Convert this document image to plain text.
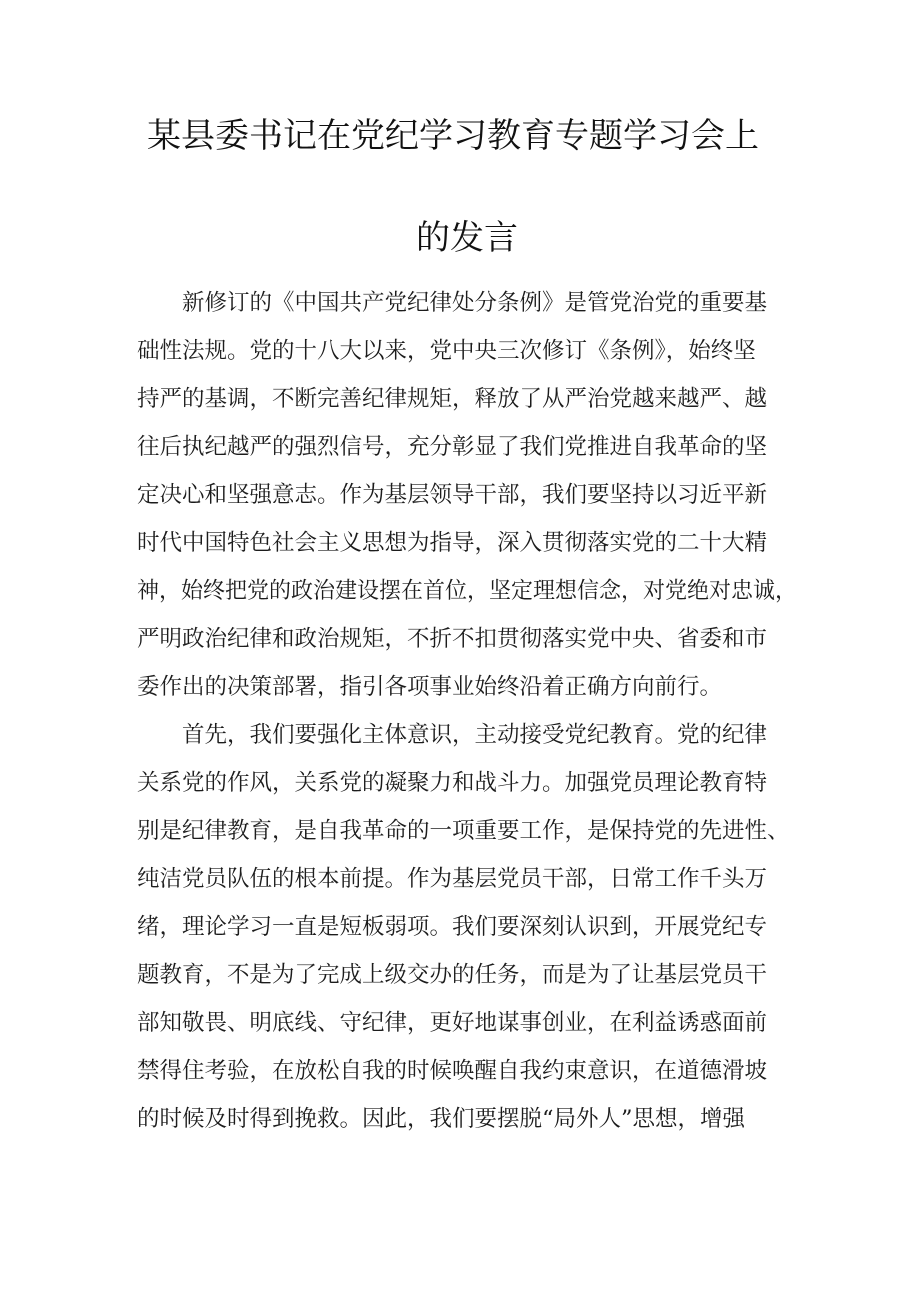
某县委书记在党纪学习教育专题学习会上
的发言
　　新修订的《中国共产党纪律处分条例》是管党治党的重要基
础性法规。党的十八大以来，党中央三次修订《条例》，始终坚
持严的基调，不断完善纪律规矩，释放了从严治党越来越严、越
往后执纪越严的强烈信号，充分彰显了我们党推进自我革命的坚
定决心和坚强意志。作为基层领导干部，我们要坚持以习近平新
时代中国特色社会主义思想为指导，深入贯彻落实党的二十大精
神，始终把党的政治建设摆在首位，坚定理想信念，对党绝对忠诚，
严明政治纪律和政治规矩，不折不扣贯彻落实党中央、省委和市
委作出的决策部署，指引各项事业始终沿着正确方向前行。
　　首先，我们要强化主体意识，主动接受党纪教育。党的纪律
关系党的作风，关系党的凝聚力和战斗力。加强党员理论教育特
别是纪律教育，是自我革命的一项重要工作，是保持党的先进性、
纯洁党员队伍的根本前提。作为基层党员干部，日常工作千头万
绪，理论学习一直是短板弱项。我们要深刻认识到，开展党纪专
题教育，不是为了完成上级交办的任务，而是为了让基层党员干
部知敬畏、明底线、守纪律，更好地谋事创业，在利益诱惑面前
禁得住考验，在放松自我的时候唤醒自我约束意识，在道德滑坡
的时候及时得到挽救。因此，我们要摆脱“局外人”思想，增强
